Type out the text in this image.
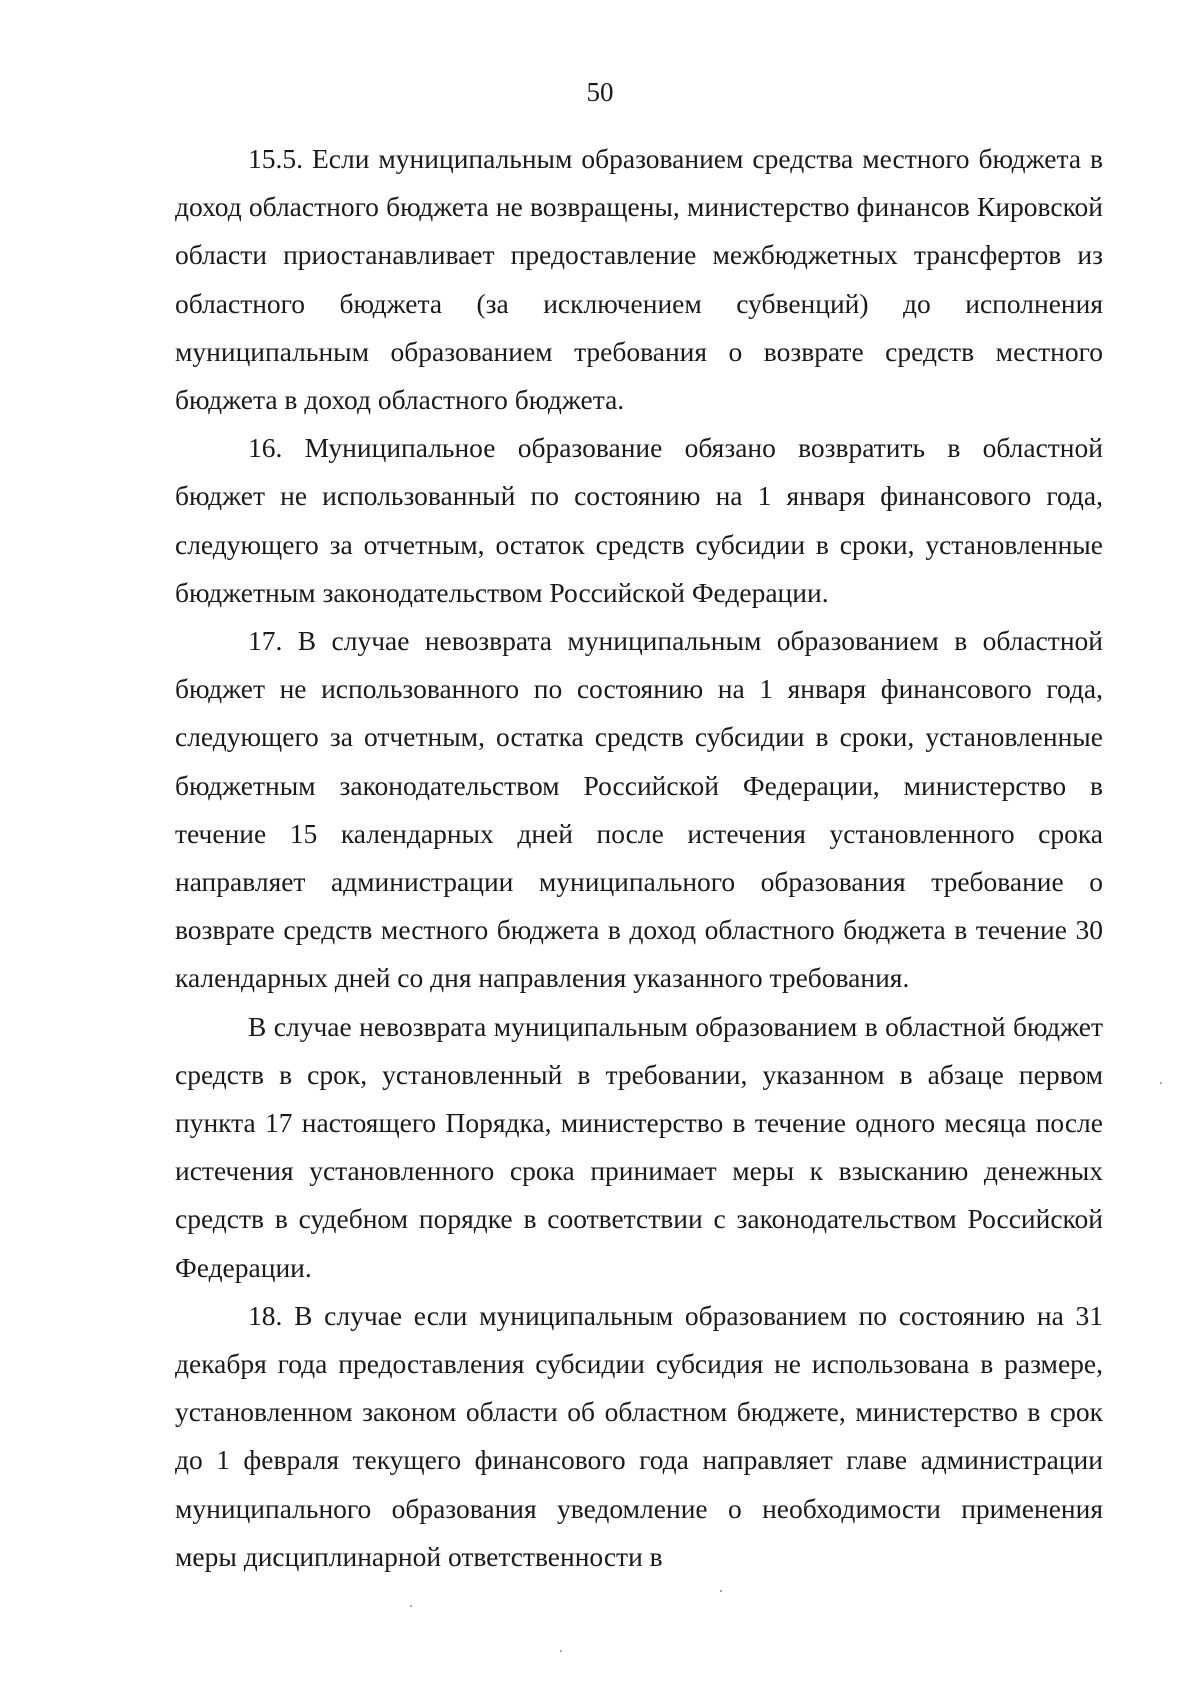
50

15.5. Если муниципальным образованием средства местного бюджета в доход областного бюджета не возвращены, министерство финансов Кировской области приостанавливает предоставление межбюджетных трансфертов из областного бюджета (за исключением субвенций) до исполнения муниципальным образованием требования о возврате средств местного бюджета в доход областного бюджета.

16. Муниципальное образование обязано возвратить в областной бюджет не использованный по состоянию на 1 января финансового года, следующего за отчетным, остаток средств субсидии в сроки, установленные бюджетным законодательством Российской Федерации.

17. В случае невозврата муниципальным образованием в областной бюджет не использованного по состоянию на 1 января финансового года, следующего за отчетным, остатка средств субсидии в сроки, установленные бюджетным законодательством Российской Федерации, министерство в течение 15 календарных дней после истечения установленного срока направляет администрации муниципального образования требование о возврате средств местного бюджета в доход областного бюджета в течение 30 календарных дней со дня направления указанного требования.

В случае невозврата муниципальным образованием в областной бюджет средств в срок, установленный в требовании, указанном в абзаце первом пункта 17 настоящего Порядка, министерство в течение одного месяца после истечения установленного срока принимает меры к взысканию денежных средств в судебном порядке в соответствии с законодательством Российской Федерации.

18. В случае если муниципальным образованием по состоянию на 31 декабря года предоставления субсидии субсидия не использована в размере, установленном законом области об областном бюджете, министерство в срок до 1 февраля текущего финансового года направляет главе администрации муниципального образования уведомление о необходимости применения меры дисциплинарной ответственности в
